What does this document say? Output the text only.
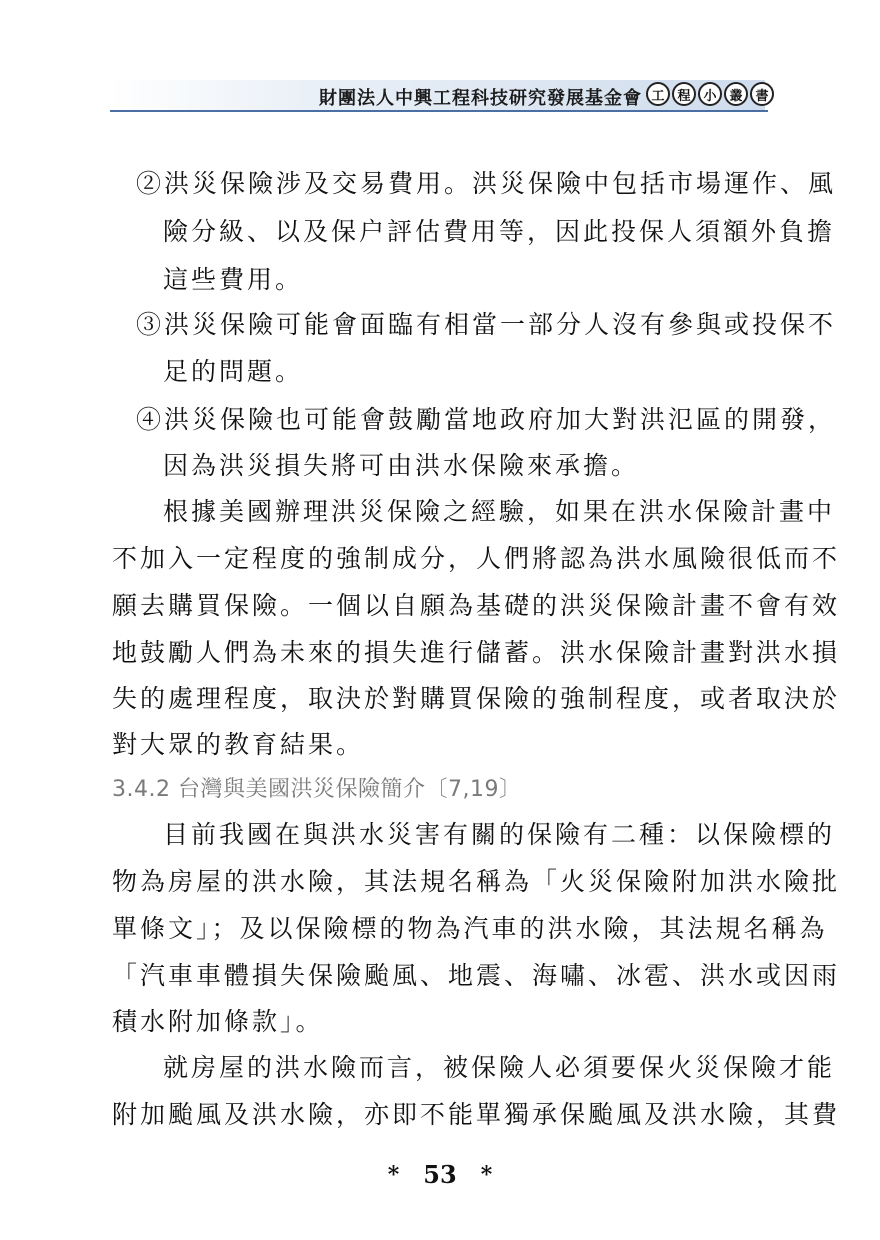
財團法人中興工程科技研究發展基金會 工 程 小 叢 書
②洪災保險涉及交易費用。洪災保險中包括市場運作、風
險分級、以及保户評估費用等，因此投保人須額外負擔
這些費用。
③洪災保險可能會面臨有相當一部分人沒有參與或投保不
足的問題。
④洪災保險也可能會鼓勵當地政府加大對洪氾區的開發，
因為洪災損失將可由洪水保險來承擔。
根據美國辦理洪災保險之經驗，如果在洪水保險計畫中
不加入一定程度的強制成分，人們將認為洪水風險很低而不
願去購買保險。一個以自願為基礎的洪災保險計畫不會有效
地鼓勵人們為未來的損失進行儲蓄。洪水保險計畫對洪水損
失的處理程度，取決於對購買保險的強制程度，或者取決於
對大眾的教育結果。
3.4.2 台灣與美國洪災保險簡介〔7,19〕
目前我國在與洪水災害有關的保險有二種：以保險標的
物為房屋的洪水險，其法規名稱為「火災保險附加洪水險批
單條文」；及以保險標的物為汽車的洪水險，其法規名稱為
「汽車車體損失保險颱風、地震、海嘯、冰雹、洪水或因雨
積水附加條款」。
就房屋的洪水險而言，被保險人必須要保火災保險才能
附加颱風及洪水險，亦即不能單獨承保颱風及洪水險，其費
* 53 *
